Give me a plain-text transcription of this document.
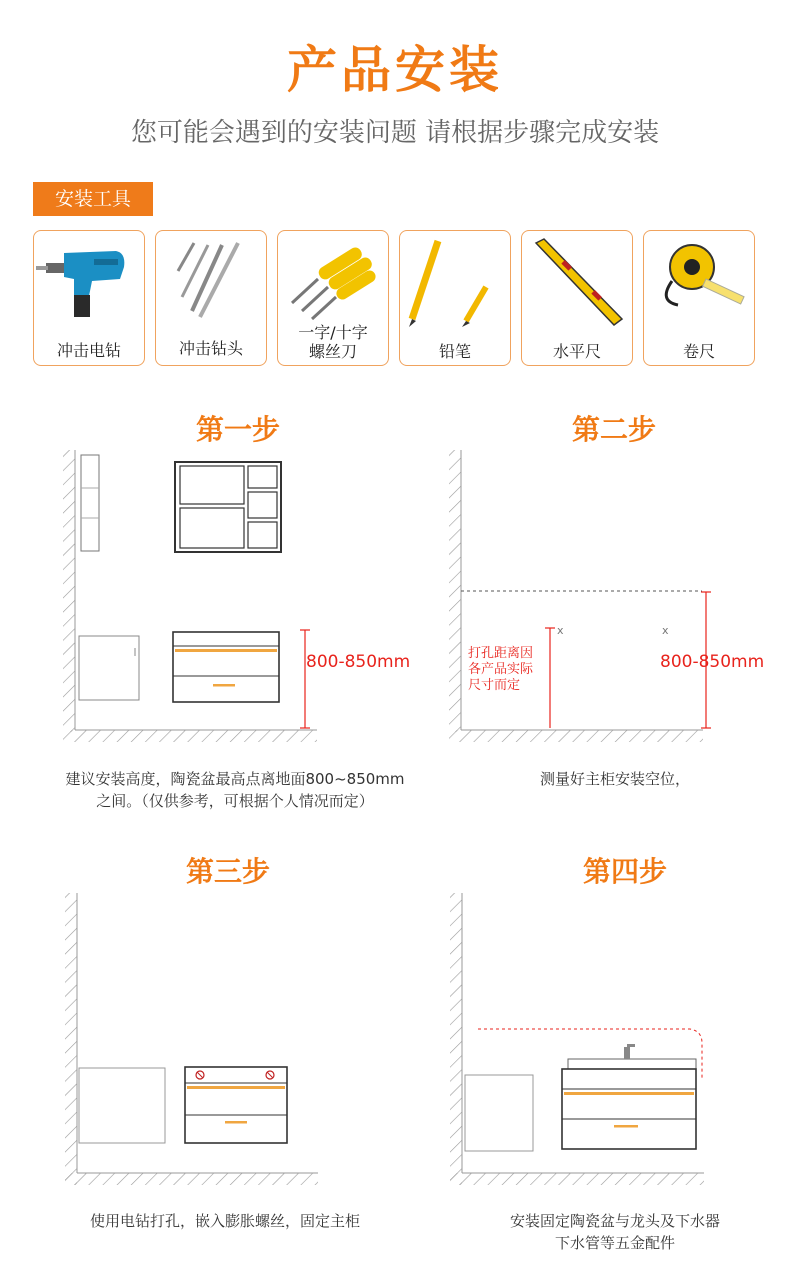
产品安装
您可能会遇到的安装问题 请根据步骤完成安装
安装工具
冲击电钻	冲击钻头
一字/十字
螺丝刀	铅笔	水平尺	卷尺
第一步
800-850mm
建议安装高度，陶瓷盆最高点离地面800~850mm
之间。（仅供参考，可根据个人情况而定）
第二步
x	x
打孔距离因
各产品实际
尺寸而定
800-850mm
测量好主柜安装空位，
第三步
使用电钻打孔，嵌入膨胀螺丝，固定主柜
第四步
安装固定陶瓷盆与龙头及下水器
下水管等五金配件
